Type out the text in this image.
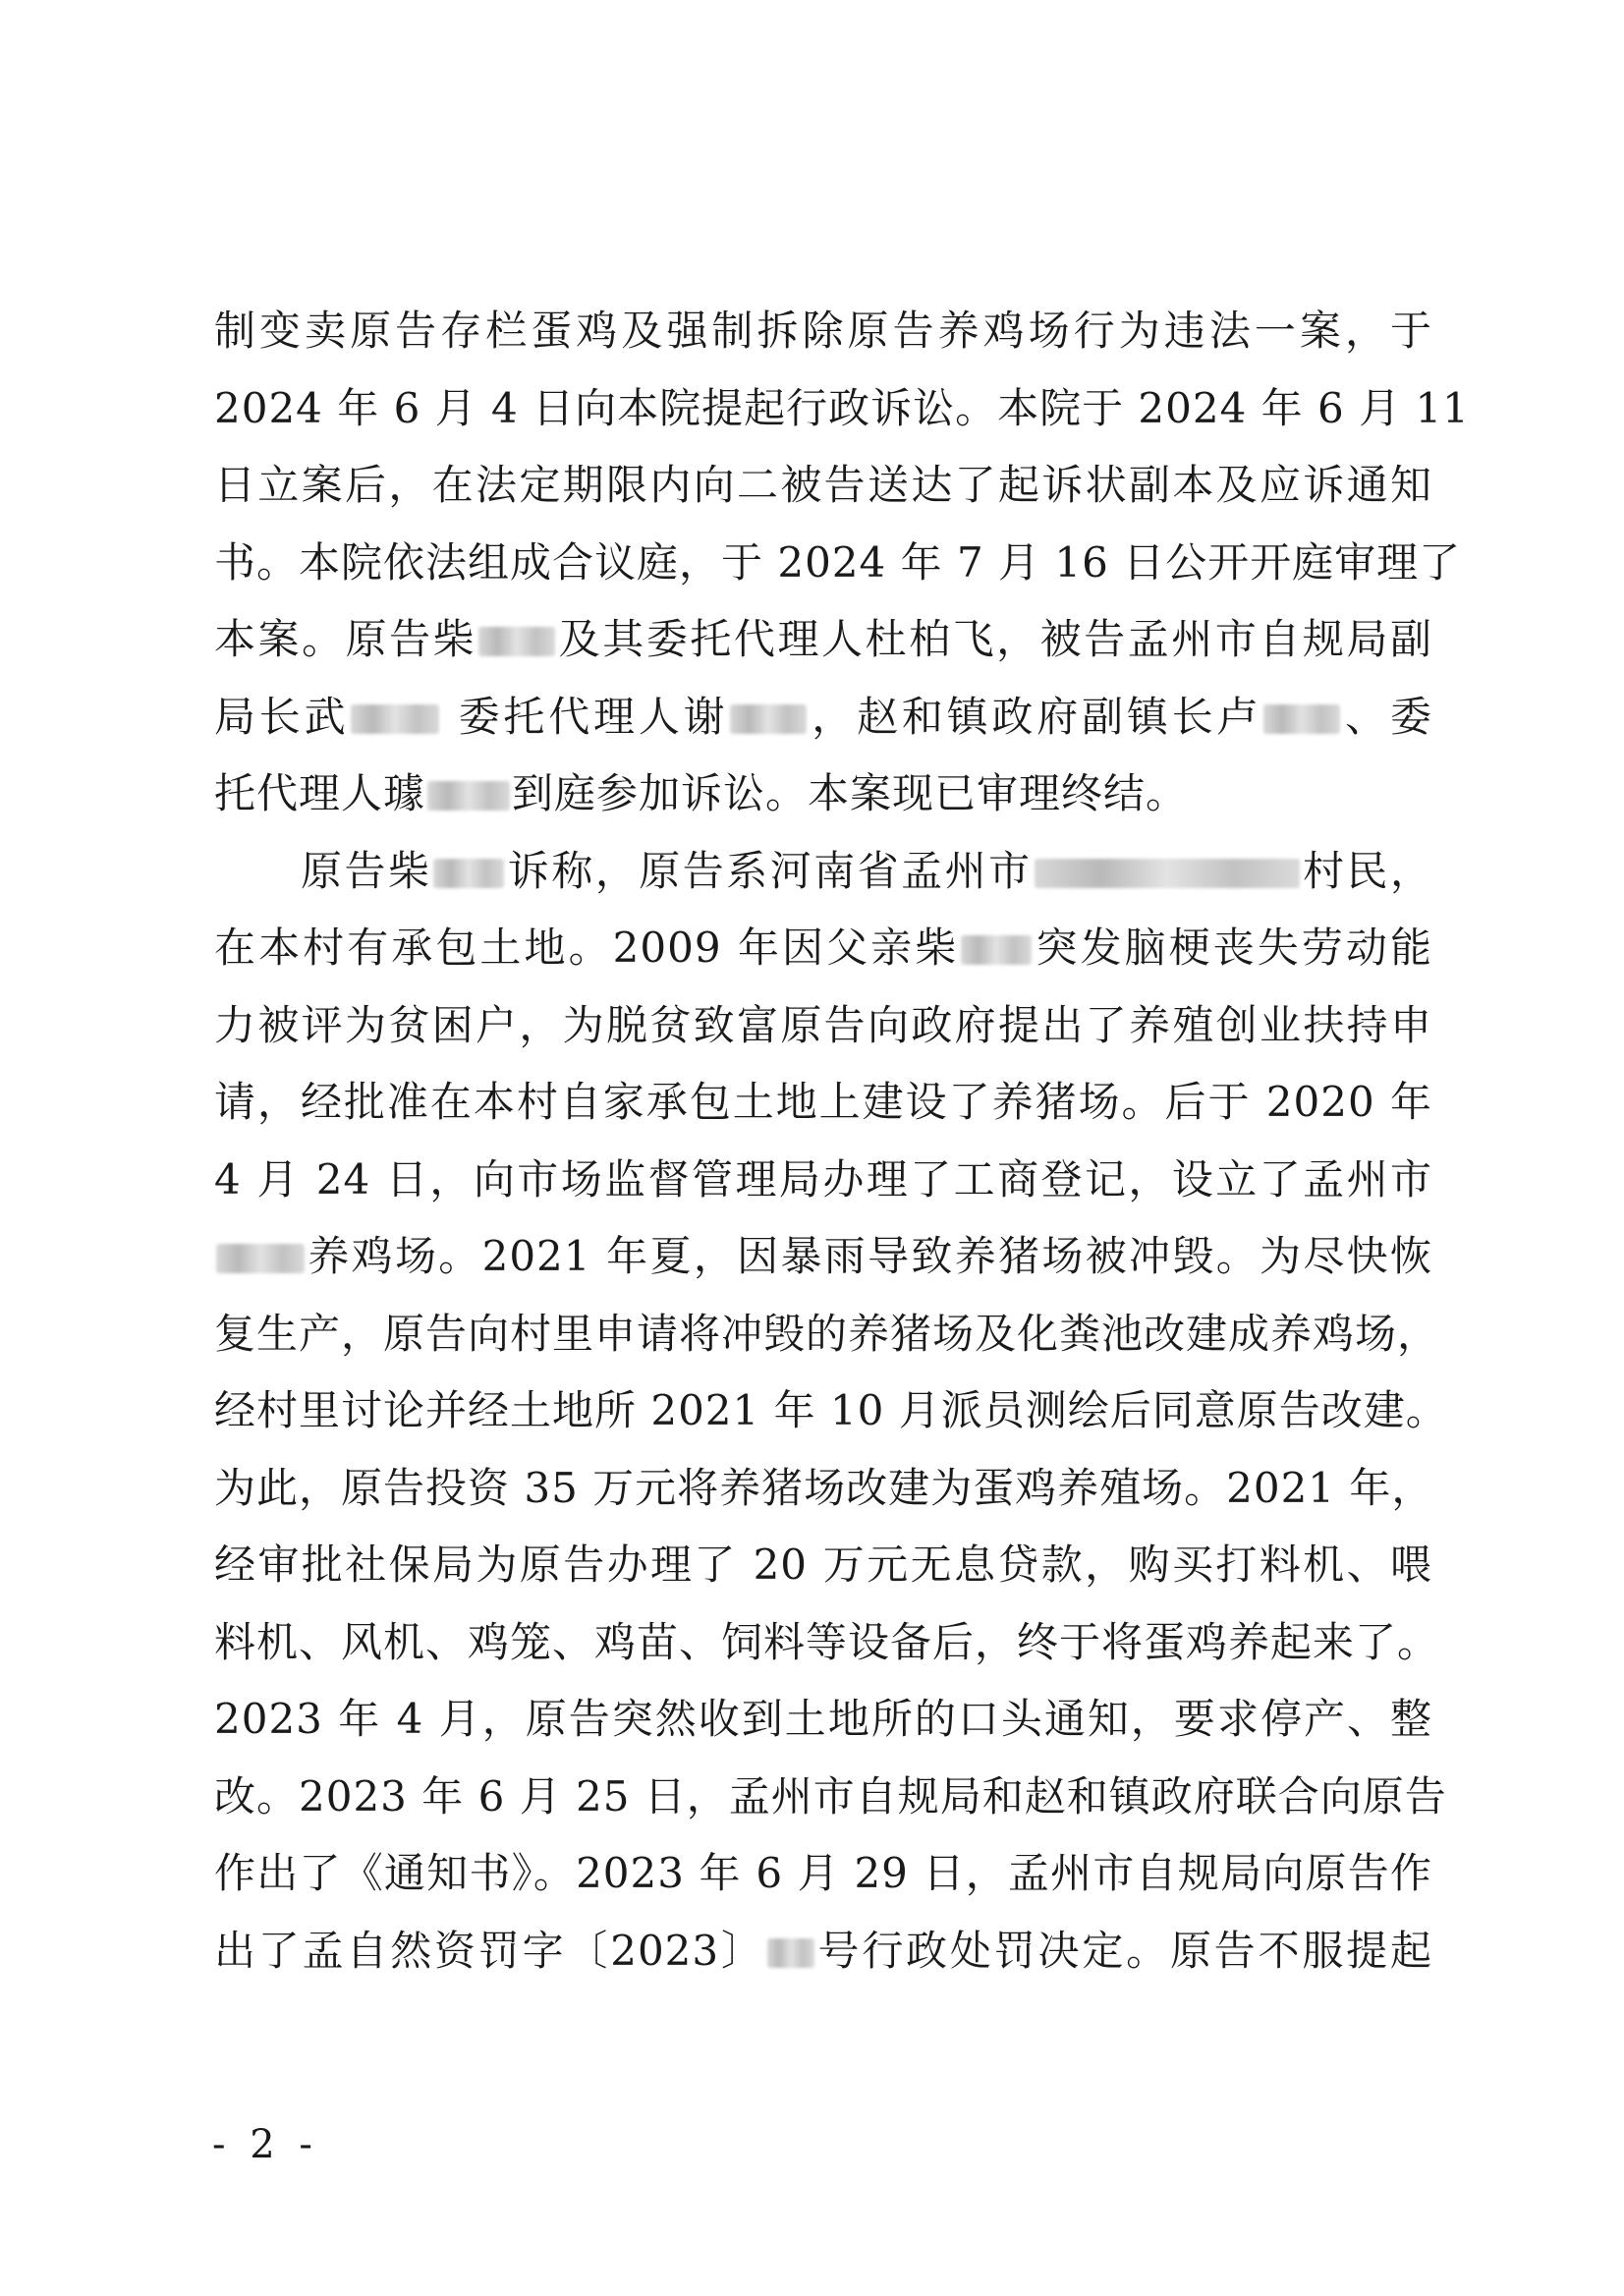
制变卖原告存栏蛋鸡及强制拆除原告养鸡场行为违法一案，于
2024 年 6 月 4 日向本院提起行政诉讼。本院于 2024 年 6 月 11
日立案后，在法定期限内向二被告送达了起诉状副本及应诉通知
书。本院依法组成合议庭，于 2024 年 7 月 16 日公开开庭审理了
本案。原告柴 及其委托代理人杜柏飞，被告孟州市自规局副
局长武 委托代理人谢 ，赵和镇政府副镇长卢 、委
托代理人璩 到庭参加诉讼。本案现已审理终结。
原告柴 诉称，原告系河南省孟州市	村民，
在本村有承包土地。2009 年因父亲柴 突发脑梗丧失劳动能
力被评为贫困户，为脱贫致富原告向政府提出了养殖创业扶持申
请，经批准在本村自家承包土地上建设了养猪场。后于 2020 年
4 月 24 日，向市场监督管理局办理了工商登记，设立了孟州市
养鸡场。2021 年夏，因暴雨导致养猪场被冲毁。为尽快恢
复生产，原告向村里申请将冲毁的养猪场及化粪池改建成养鸡场，
经村里讨论并经土地所 2021 年 10 月派员测绘后同意原告改建。
为此，原告投资 35 万元将养猪场改建为蛋鸡养殖场。2021 年，
经审批社保局为原告办理了 20 万元无息贷款，购买打料机、喂
料机、风机、鸡笼、鸡苗、饲料等设备后，终于将蛋鸡养起来了。
2023 年 4 月，原告突然收到土地所的口头通知，要求停产、整
改。2023 年 6 月 25 日，孟州市自规局和赵和镇政府联合向原告
作出了《通知书》。2023 年 6 月 29 日，孟州市自规局向原告作
出了孟自然资罚字〔2023〕 号行政处罚决定。原告不服提起
- 2 -
